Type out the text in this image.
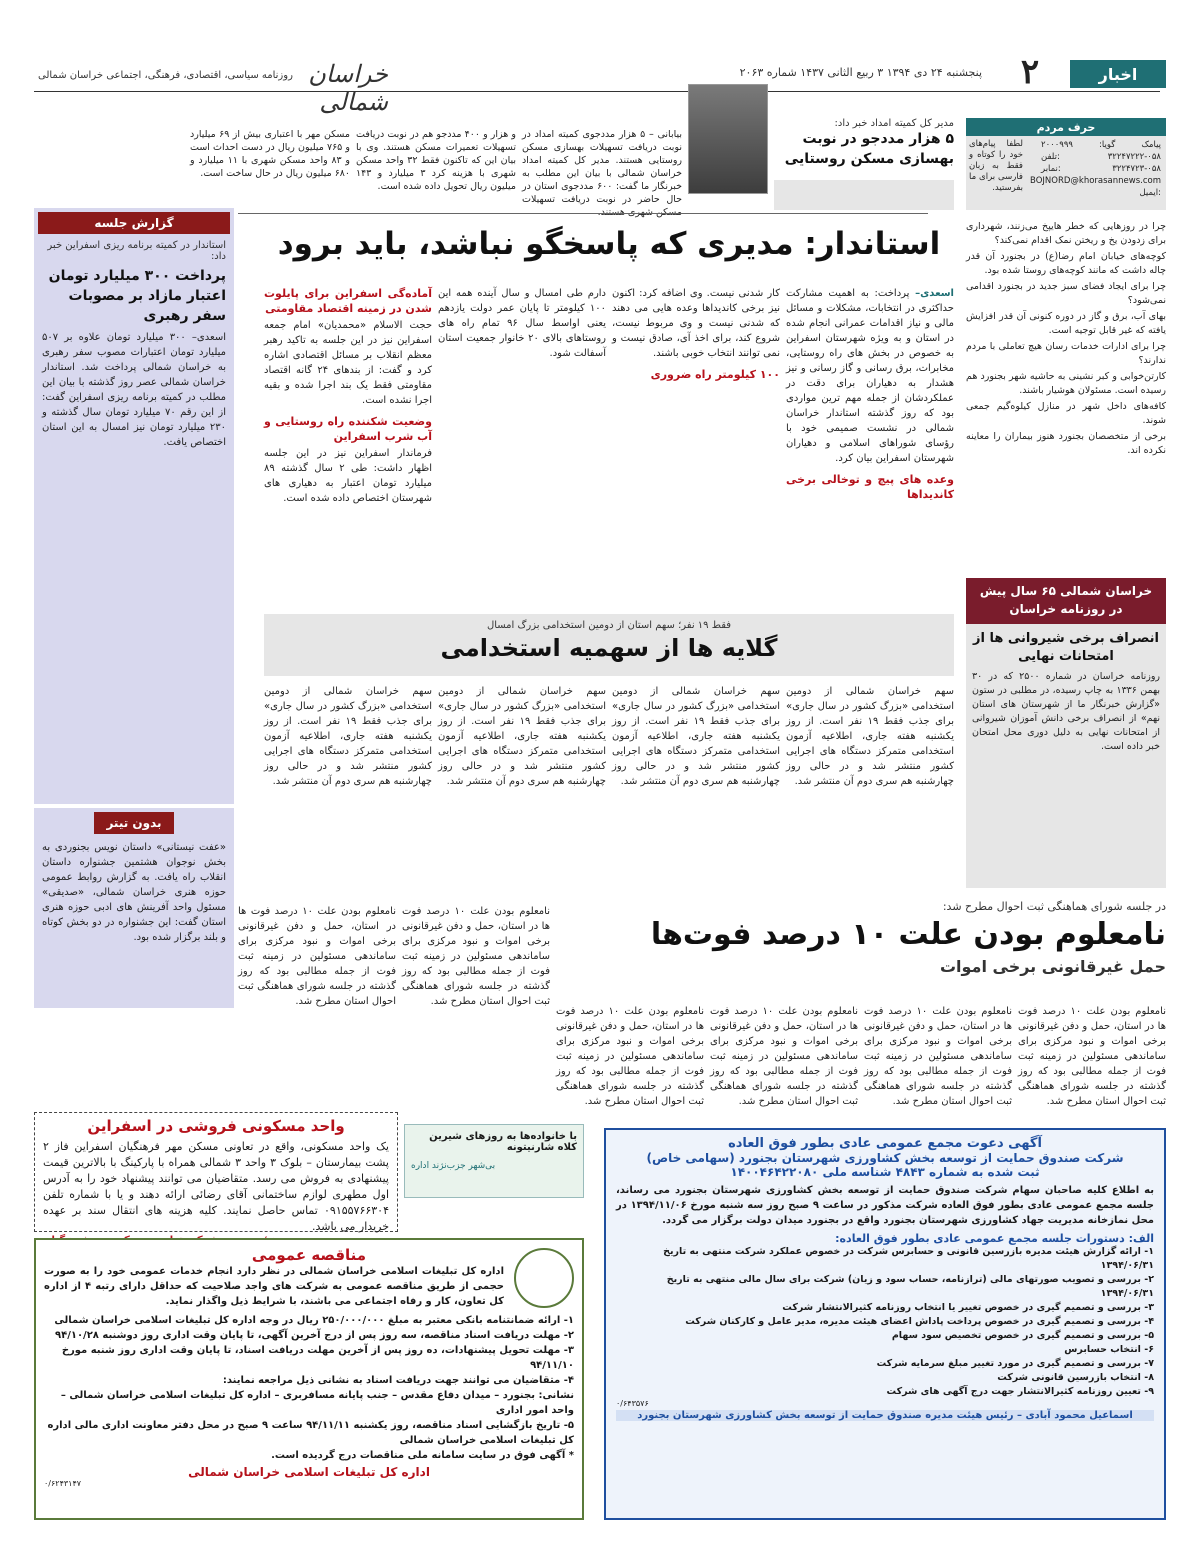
اخبار
۲
پنجشنبه ۲۴ دی ۱۳۹۴ ۳ ربیع الثانی ۱۴۳۷ شماره ۲۰۶۳
خراسان شمالی
روزنامه سیاسی، اقتصادی، فرهنگی، اجتماعی خراسان شمالی
حرف مردم
پیامک گویا: ۲۰۰۰۹۹۹ ۰۵۸-۳۲۲۴۷۲۲۲ :تلفن ۰۵۸-۳۲۲۴۷۲۳ :نمابر BOJNORD@khorasannews.com :ایمیل
لطفا پیام‌های خود را کوتاه و فقط به زبان فارسی برای ما بفرستید.

چرا در روزهایی که خطر هایپخ می‌زنند، شهرداری برای زدودن یخ و ریختن نمک اقدام نمی‌کند؟

کوچه‌های خیابان امام رضا(ع) در بجنورد آن قدر چاله داشت که مانند کوچه‌های روستا شده بود.

چرا برای ایجاد فضای سبز جدید در بجنورد اقدامی نمی‌شود؟

بهای آب، برق و گاز در دوره کنونی آن قدر افزایش یافته که غیر قابل توجیه است.

چرا برای ادارات خدمات رسان هیچ تعاملی با مردم ندارند؟

کارتن‌خوابی و کبر نشینی به حاشیه شهر بجنورد هم رسیده است. مسئولان هوشیار باشند.

کافه‌های داخل شهر در منازل کیلوه‌گیم جمعی شوند.

برخی از متخصصان بجنورد هنوز بیماران را معاینه نکرده اند.

خراسان شمالی ۶۵ سال پیش
در روزنامه خراسان
انصراف برخی شیروانی ها از امتحانات نهایی
روزنامه خراسان در شماره ۲۵۰۰ که در ۳۰ بهمن ۱۳۳۶ به چاپ رسیده، در مطلبی در ستون «گزارش خبرنگار ما از شهرستان های استان نهم» از انصراف برخی دانش آموزان شیروانی از امتحانات نهایی به دلیل دوری محل امتحان خبر داده است.
مدیر کل کمیته امداد خبر داد:
۵ هزار مددجو در نوبت بهسازی مسکن روستایی
بیابانی – ۵ هزار مددجوی کمیته امداد در نوبت دریافت تسهیلات بهسازی مسکن روستایی هستند. مدیر کل کمیته امداد خراسان شمالی با بیان این مطلب به خبرنگار ما گفت: ۶۰۰ مددجوی استان در حال حاضر در نوبت دریافت تسهیلات
و هزار و ۴۰۰ مددجو هم در نوبت دریافت تسهیلات تعمیرات مسکن هستند. وی با بیان این که تاکنون فقط ۳۲ واحد مسکن شهری با هزینه کرد ۳ میلیارد و ۱۴۳ میلیون ریال تحویل داده شده است.
مسکن مهر با اعتباری بیش از ۶۹ میلیارد و ۷۶۵ میلیون ریال در دست احداث است و ۸۳ واحد مسکن شهری با ۱۱ میلیارد و ۶۸۰ میلیون ریال در حال ساخت است.
استاندار: مدیری که پاسخگو نباشد، باید برود
اسعدی– پرداخت: به اهمیت مشارکت حداکثری در انتخابات، مشکلات و مسائل مالی و نیاز اقدامات عمرانی انجام شده در استان و به ویژه شهرستان اسفراین به خصوص در بخش های راه روستایی، مخابرات، برق رسانی و گاز رسانی و نیز هشدار به دهیاران برای دقت در عملکردشان از جمله مهم ترین مواردی بود که روز گذشته استاندار خراسان شمالی در نشست صمیمی خود با رؤسای شوراهای اسلامی و دهیاران شهرستان اسفراین بیان کرد.

وعده های پیچ و توخالی برخی کاندیداها

کار شدنی نیست. وی اضافه کرد: اکنون نیز برخی کاندیداها وعده هایی می دهند که شدنی نیست و وی مربوط نیست، شروع کند، برای اخذ آی، صادق نیست و نمی توانند انتخاب خوبی باشند.

۱۰۰ کیلومتر راه ضروری

دارم طی امسال و سال آینده همه این ۱۰۰ کیلومتر تا پایان عمر دولت یازدهم یعنی اواسط سال ۹۶ تمام راه های روستاهای بالای ۲۰ خانوار جمعیت استان آسفالت شود.

آماده‌گی اسفراین برای پایلوت شدن در زمینه اقتصاد مقاومتی

حجت الاسلام «محمدیان» امام جمعه اسفراین نیز در این جلسه به تاکید رهبر معظم انقلاب بر مسائل اقتصادی اشاره کرد و گفت: از بندهای ۲۴ گانه اقتصاد مقاومتی فقط یک بند اجرا شده و بقیه اجرا نشده است.

وضعیت شکننده راه روستایی و آب شرب اسفراین

فرماندار اسفراین نیز در این جلسه اظهار داشت: طی ۲ سال گذشته ۸۹ میلیارد تومان اعتبار به دهیاری های شهرستان اختصاص داده شده است.
فقط ۱۹ نفر؛ سهم استان از دومین استخدامی بزرگ امسال
گلایه ها از سهمیه استخدامی
سهم خراسان شمالی از دومین استخدامی «بزرگ کشور در سال جاری» برای جذب فقط ۱۹ نفر است. از روز یکشنبه هفته جاری، اطلاعیه آزمون استخدامی متمرکز دستگاه های اجرایی کشور منتشر شد و در حالی روز چهارشنبه هم سری دوم آن منتشر شد.
سهم خراسان شمالی از دومین استخدامی «بزرگ کشور در سال جاری» برای جذب فقط ۱۹ نفر است. از روز یکشنبه هفته جاری، اطلاعیه آزمون استخدامی متمرکز دستگاه های اجرایی کشور منتشر شد و در حالی روز چهارشنبه هم سری دوم آن منتشر شد.
سهم خراسان شمالی از دومین استخدامی «بزرگ کشور در سال جاری» برای جذب فقط ۱۹ نفر است. از روز یکشنبه هفته جاری، اطلاعیه آزمون استخدامی متمرکز دستگاه های اجرایی کشور منتشر شد و در حالی روز چهارشنبه هم سری دوم آن منتشر شد.
سهم خراسان شمالی از دومین استخدامی «بزرگ کشور در سال جاری» برای جذب فقط ۱۹ نفر است. از روز یکشنبه هفته جاری، اطلاعیه آزمون استخدامی متمرکز دستگاه های اجرایی کشور منتشر شد و در حالی روز چهارشنبه هم سری دوم آن منتشر شد.
گزارش جلسه
استاندار در کمیته برنامه ریزی اسفراین خبر داد:
پرداخت ۳۰۰ میلیارد تومان اعتبار مازاد بر مصوبات سفر رهبری
اسعدی– ۳۰۰ میلیارد تومان علاوه بر ۵۰۷ میلیارد تومان اعتبارات مصوب سفر رهبری به خراسان شمالی پرداخت شد. استاندار خراسان شمالی عصر روز گذشته با بیان این مطلب در کمیته برنامه ریزی اسفراین گفت: از این رقم ۷۰ میلیارد تومان سال گذشته و ۲۳۰ میلیارد تومان نیز امسال به این استان اختصاص یافت.
بدون تیتر
«عفت نیستانی» داستان نویس بجنوردی به بخش نوجوان هشتمین جشنواره داستان انقلاب راه یافت. به گزارش روابط عمومی حوزه هنری خراسان شمالی، «صدیقی» مسئول واحد آفرینش های ادبی حوزه هنری استان گفت: این جشنواره در دو بخش کوتاه و بلند برگزار شده بود.
در جلسه شورای هماهنگی ثبت احوال مطرح شد:
نامعلوم بودن علت ۱۰ درصد فوت‌ها
حمل غیرقانونی برخی اموات
نامعلوم بودن علت ۱۰ درصد فوت ها در استان، حمل و دفن غیرقانونی برخی اموات و نبود مرکزی برای ساماندهی مسئولین در زمینه ثبت فوت از جمله مطالبی بود که روز گذشته در جلسه شورای هماهنگی ثبت احوال استان مطرح شد.
نامعلوم بودن علت ۱۰ درصد فوت ها در استان، حمل و دفن غیرقانونی برخی اموات و نبود مرکزی برای ساماندهی مسئولین در زمینه ثبت فوت از جمله مطالبی بود که روز گذشته در جلسه شورای هماهنگی ثبت احوال استان مطرح شد.
نامعلوم بودن علت ۱۰ درصد فوت ها در استان، حمل و دفن غیرقانونی برخی اموات و نبود مرکزی برای ساماندهی مسئولین در زمینه ثبت فوت از جمله مطالبی بود که روز گذشته در جلسه شورای هماهنگی ثبت احوال استان مطرح شد.
نامعلوم بودن علت ۱۰ درصد فوت ها در استان، حمل و دفن غیرقانونی برخی اموات و نبود مرکزی برای ساماندهی مسئولین در زمینه ثبت فوت از جمله مطالبی بود که روز گذشته در جلسه شورای هماهنگی ثبت احوال استان مطرح شد.
نامعلوم بودن علت ۱۰ درصد فوت ها در استان، حمل و دفن غیرقانونی برخی اموات و نبود مرکزی برای ساماندهی مسئولین در زمینه ثبت فوت از جمله مطالبی بود که روز گذشته در جلسه شورای هماهنگی ثبت احوال استان مطرح شد.
نامعلوم بودن علت ۱۰ درصد فوت ها در استان، حمل و دفن غیرقانونی برخی اموات و نبود مرکزی برای ساماندهی مسئولین در زمینه ثبت فوت از جمله مطالبی بود که روز گذشته در جلسه شورای هماهنگی ثبت احوال استان مطرح شد.
واحد مسکونی فروشی در اسفراین
یک واحد مسکونی، واقع در تعاونی مسکن مهر فرهنگیان اسفراین فاز ۲ پشت بیمارستان – بلوک ۳ واحد ۳ شمالی همراه با پارکینگ با بالاترین قیمت پیشنهادی به فروش می رسد. متقاضیان می توانند پیشنهاد خود را به آدرس اول مطهری لوازم ساختمانی آقای رضائی ارائه دهند و یا با شماره تلفن ۰۹۱۵۵۷۶۶۳۰۴ تماس حاصل نمایند. کلیه هزینه های انتقال سند بر عهده خریدار می باشد.
با خانواده‌ها به روزهای شیرین
کلاه شارنیتونه
بی‌شهر جزب‌نژند اداره
آگهی دعوت مجمع عمومی عادی بطور فوق العاده
شرکت صندوق حمایت از توسعه بخش کشاورزی شهرستان بجنورد (سهامی خاص)
ثبت شده به شماره ۴۸۴۳ شناسه ملی ۱۴۰۰۴۶۴۲۲۰۸۰
به اطلاع کلیه صاحبان سهام شرکت صندوق حمایت از توسعه بخش کشاورزی شهرستان بجنورد می رساند، جلسه مجمع عمومی عادی بطور فوق العاده شرکت مذکور در ساعت ۹ صبح روز سه شنبه مورخ ۱۳۹۴/۱۱/۰۶ در محل نمازخانه مدیریت جهاد کشاورزی شهرستان بجنورد واقع در بجنورد میدان دولت برگزار می گردد.
الف: دستورات جلسه مجمع عمومی عادی بطور فوق العاده:
۱- ارائه گزارش هیئت مدیره بازرسین قانونی و حسابرس شرکت در خصوص عملکرد شرکت منتهی به تاریخ ۱۳۹۴/۰۶/۳۱
۲- بررسی و تصویب صورتهای مالی (ترازنامه، حساب سود و زیان) شرکت برای سال مالی منتهی به تاریخ ۱۳۹۴/۰۶/۳۱
۳- بررسی و تصمیم گیری در خصوص تغییر یا انتخاب روزنامه کثیرالانتشار شرکت
۴- بررسی و تصمیم گیری در خصوص پرداخت پاداش اعضای هیئت مدیره، مدیر عامل و کارکنان شرکت
۵- بررسی و تصمیم گیری در خصوص تخصیص سود سهام
۶- انتخاب حسابرس
۷- بررسی و تصمیم گیری در مورد تغییر مبلغ سرمایه شرکت
۸- انتخاب بازرسین قانونی شرکت
۹- تعیین روزنامه کثیرالانتشار جهت درج آگهی های شرکت
۰/۶۴۳۵۷۶
اسماعیل محمود آبادی – رئیس هیئت مدیره صندوق حمایت از توسعه بخش کشاورزی شهرستان بجنورد
مناقصه عمومی
اداره کل تبلیغات اسلامی خراسان شمالی در نظر دارد انجام خدمات عمومی خود را به صورت حجمی از طریق مناقصه عمومی به شرکت های واجد صلاحیت که حداقل دارای رتبه ۴ از اداره کل تعاون، کار و رفاه اجتماعی می باشند، با شرایط ذیل واگذار نماید.
۱- ارائه ضمانتنامه بانکی معتبر به مبلغ ۲۵۰/۰۰۰/۰۰۰ ریال در وجه اداره کل تبلیغات اسلامی خراسان شمالی
۲- مهلت دریافت اسناد مناقصه، سه روز پس از درج آخرین آگهی، تا پایان وقت اداری روز دوشنبه ۹۴/۱۰/۲۸
۳- مهلت تحویل پیشنهادات، ده روز پس از آخرین مهلت دریافت اسناد، تا پایان وقت اداری روز شنبه مورخ ۹۴/۱۱/۱۰
۴- متقاضیان می توانند جهت دریافت اسناد به نشانی ذیل مراجعه نمایند:
نشانی: بجنورد – میدان دفاع مقدس – جنب پایانه مسافربری – اداره کل تبلیغات اسلامی خراسان شمالی – واحد امور اداری
۵- تاریخ بازگشایی اسناد مناقصه، روز یکشنبه ۹۴/۱۱/۱۱ ساعت ۹ صبح در محل دفتر معاونت اداری مالی اداره کل تبلیغات اسلامی خراسان شمالی
* آگهی فوق در سایت سامانه ملی مناقصات درج گردیده است.
اداره کل تبلیغات اسلامی خراسان شمالی
۰/۶۲۴۳۱۴۷
